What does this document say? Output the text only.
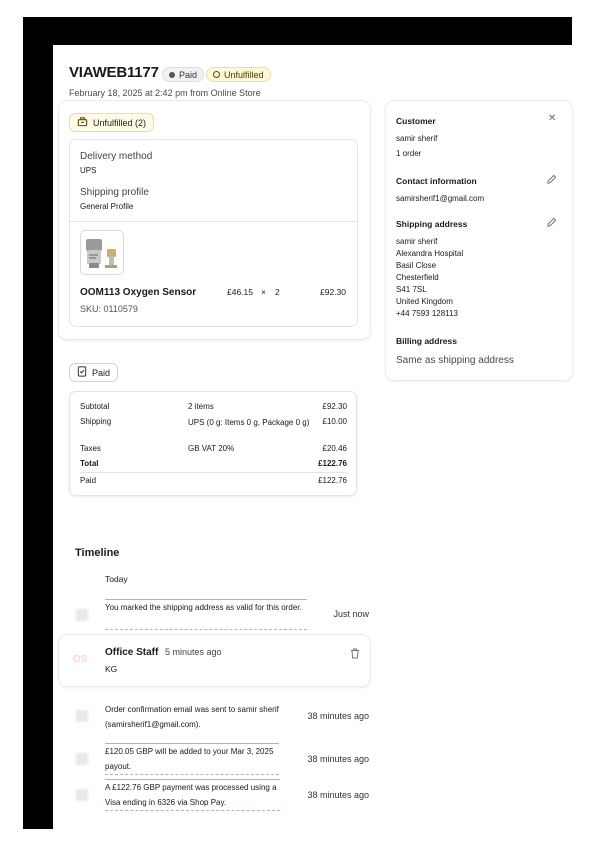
VIAWEB1177 Paid	Unfulfilled
February 18, 2025 at 2:42 pm from Online Store
Unfulfilled (2)
Delivery method
UPS
Shipping profile
General Profile
OOM113 Oxygen Sensor
SKU: 0110579
£46.15 × 2	£92.30
Paid
Subtotal	2 items	£92.30
Shipping	UPS (0 g: Items 0 g, Package 0 g)	£10.00
Taxes	GB VAT 20%	£20.46
Total	£122.76
Paid	£122.76
Customer	✕
samir sherif
1 order
Contact information
samirsherif1@gmail.com
Shipping address
samir sherif
Alexandra Hospital
Basil Close
Chesterfield
S41 7SL
United Kingdom
+44 7593 128113
Billing address
Same as shipping address
Timeline
Today
You marked the shipping address as valid for this order.
Just now
OS
Office Staff 5 minutes ago
KG
Order confirmation email was sent to samir sherif (samirsherif1@gmail.com).
38 minutes ago
£120.05 GBP will be added to your Mar 3, 2025 payout.
38 minutes ago
A £122.76 GBP payment was processed using a Visa ending in 6326 via Shop Pay.
38 minutes ago
